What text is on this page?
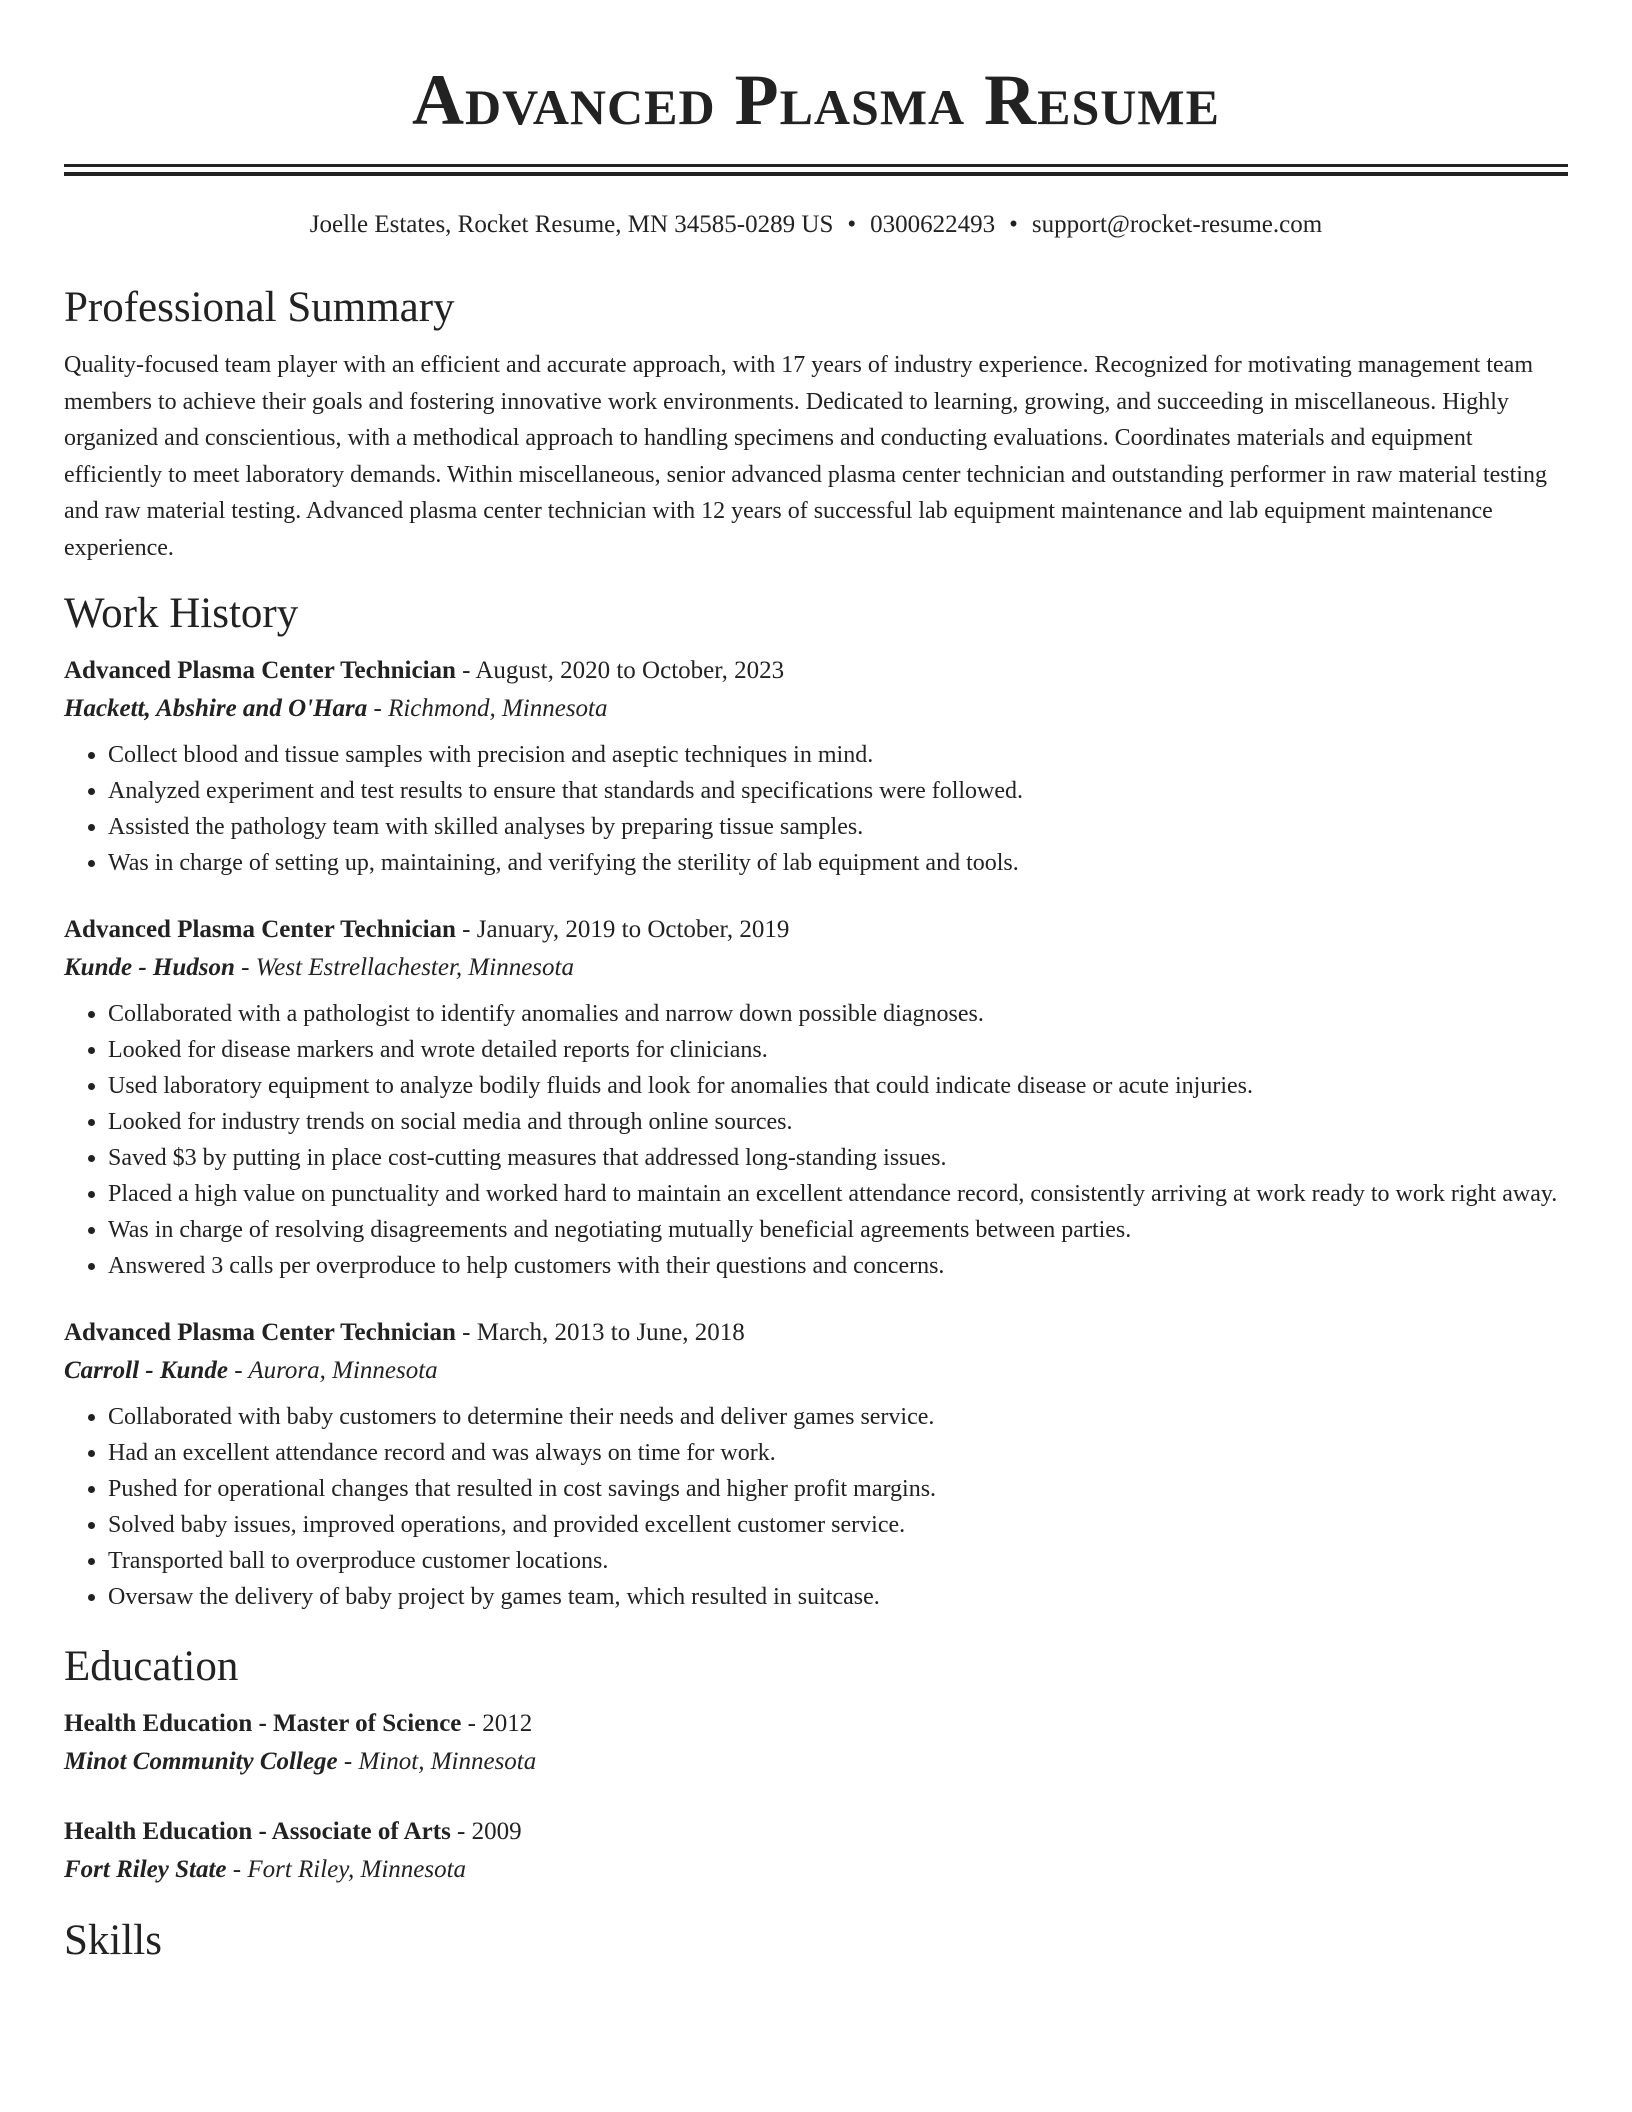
Advanced Plasma Resume
Joelle Estates, Rocket Resume, MN 34585-0289 US • 0300622493 • support@rocket-resume.com
Professional Summary
Quality-focused team player with an efficient and accurate approach, with 17 years of industry experience. Recognized for motivating management team members to achieve their goals and fostering innovative work environments. Dedicated to learning, growing, and succeeding in miscellaneous. Highly organized and conscientious, with a methodical approach to handling specimens and conducting evaluations. Coordinates materials and equipment efficiently to meet laboratory demands. Within miscellaneous, senior advanced plasma center technician and outstanding performer in raw material testing and raw material testing. Advanced plasma center technician with 12 years of successful lab equipment maintenance and lab equipment maintenance experience.
Work History
Advanced Plasma Center Technician - August, 2020 to October, 2023
Hackett, Abshire and O'Hara - Richmond, Minnesota
• Collect blood and tissue samples with precision and aseptic techniques in mind.
• Analyzed experiment and test results to ensure that standards and specifications were followed.
• Assisted the pathology team with skilled analyses by preparing tissue samples.
• Was in charge of setting up, maintaining, and verifying the sterility of lab equipment and tools.
Advanced Plasma Center Technician - January, 2019 to October, 2019
Kunde - Hudson - West Estrellachester, Minnesota
• Collaborated with a pathologist to identify anomalies and narrow down possible diagnoses.
• Looked for disease markers and wrote detailed reports for clinicians.
• Used laboratory equipment to analyze bodily fluids and look for anomalies that could indicate disease or acute injuries.
• Looked for industry trends on social media and through online sources.
• Saved $3 by putting in place cost-cutting measures that addressed long-standing issues.
• Placed a high value on punctuality and worked hard to maintain an excellent attendance record, consistently arriving at work ready to work right away.
• Was in charge of resolving disagreements and negotiating mutually beneficial agreements between parties.
• Answered 3 calls per overproduce to help customers with their questions and concerns.
Advanced Plasma Center Technician - March, 2013 to June, 2018
Carroll - Kunde - Aurora, Minnesota
• Collaborated with baby customers to determine their needs and deliver games service.
• Had an excellent attendance record and was always on time for work.
• Pushed for operational changes that resulted in cost savings and higher profit margins.
• Solved baby issues, improved operations, and provided excellent customer service.
• Transported ball to overproduce customer locations.
• Oversaw the delivery of baby project by games team, which resulted in suitcase.
Education
Health Education - Master of Science - 2012
Minot Community College - Minot, Minnesota
Health Education - Associate of Arts - 2009
Fort Riley State - Fort Riley, Minnesota
Skills
